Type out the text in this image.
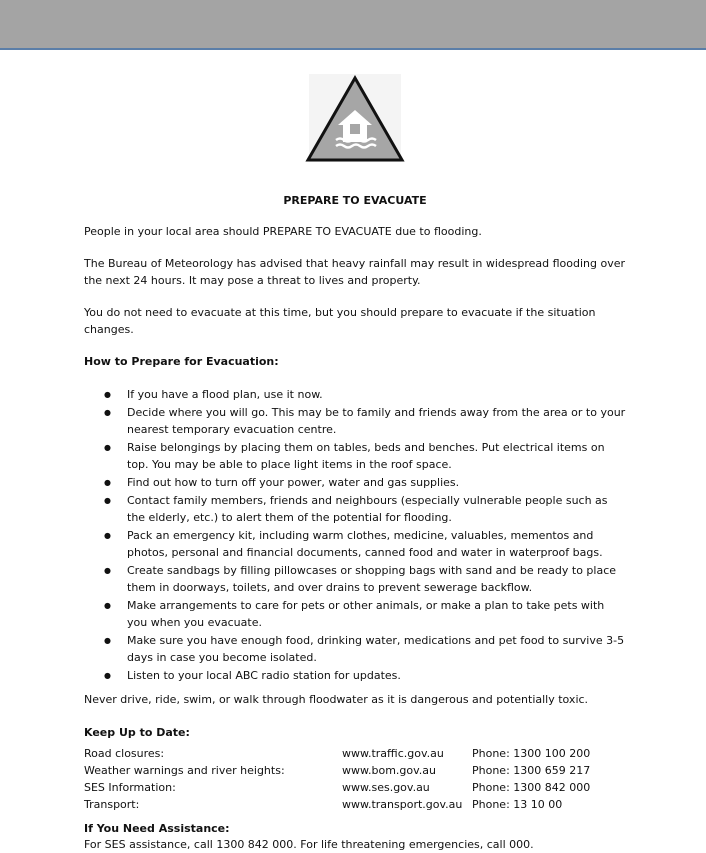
PREPARE TO EVACUATE

People in your local area should PREPARE TO EVACUATE due to flooding.

The Bureau of Meteorology has advised that heavy rainfall may result in widespread flooding over the next 24 hours. It may pose a threat to lives and property.

You do not need to evacuate at this time, but you should prepare to evacuate if the situation changes.

How to Prepare for Evacuation:

● If you have a flood plan, use it now.
● Decide where you will go. This may be to family and friends away from the area or to your nearest temporary evacuation centre.
● Raise belongings by placing them on tables, beds and benches. Put electrical items on top. You may be able to place light items in the roof space.
● Find out how to turn off your power, water and gas supplies.
● Contact family members, friends and neighbours (especially vulnerable people such as the elderly, etc.) to alert them of the potential for flooding.
● Pack an emergency kit, including warm clothes, medicine, valuables, mementos and photos, personal and financial documents, canned food and water in waterproof bags.
● Create sandbags by filling pillowcases or shopping bags with sand and be ready to place them in doorways, toilets, and over drains to prevent sewerage backflow.
● Make arrangements to care for pets or other animals, or make a plan to take pets with you when you evacuate.
● Make sure you have enough food, drinking water, medications and pet food to survive 3-5 days in case you become isolated.
● Listen to your local ABC radio station for updates.

Never drive, ride, swim, or walk through floodwater as it is dangerous and potentially toxic.

Keep Up to Date:

Road closures:	www.traffic.gov.au	Phone: 1300 100 200
Weather warnings and river heights:	www.bom.gov.au	Phone: 1300 659 217
SES Information:	www.ses.gov.au	Phone: 1300 842 000
Transport:	www.transport.gov.au	Phone: 13 10 00

If You Need Assistance:

For SES assistance, call 1300 842 000. For life threatening emergencies, call 000.
